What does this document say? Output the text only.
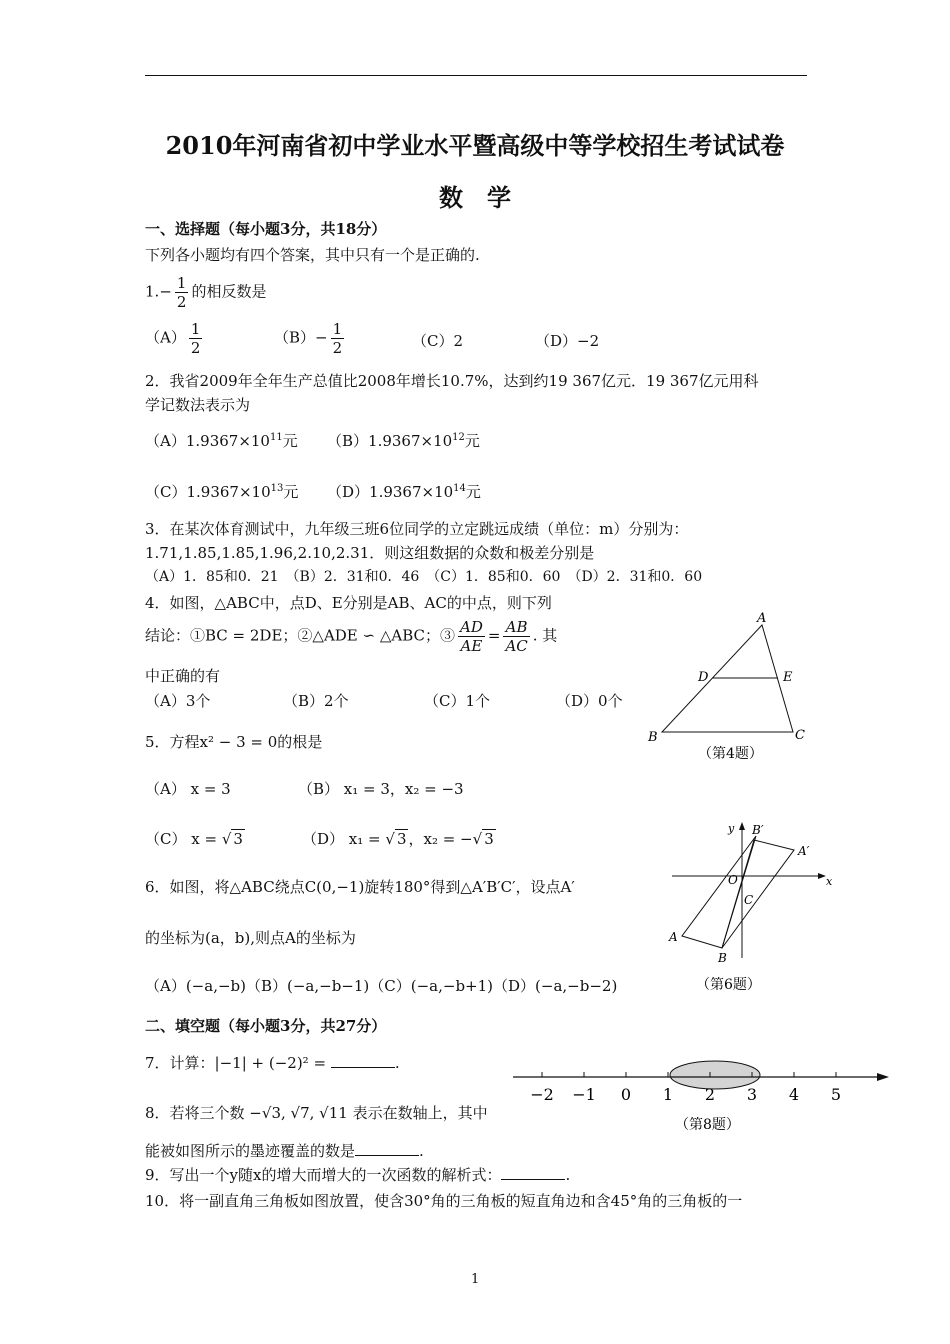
2010年河南省初中学业水平暨高级中等学校招生考试试卷
数　学
一、选择题（每小题3分，共18分）
下列各小题均有四个答案，其中只有一个是正确的.
$1.- \frac{1}{2}$ 的相反数是
$(A) \frac{1}{2}$	$(B)- \frac{1}{2}$	（C）2	（D）−2
2．我省2009年全年生产总值比2008年增长10.7%，达到约19 367亿元．19 367亿元用科
学记数法表示为
$(A)1.9367\times 10^{11}$元 $(B)1.9367\times 10^{12}$元
$(C)1.9367\times 10^{13}$元 $(D)1.9367\times 10^{14}$元
3．在某次体育测试中，九年级三班6位同学的立定跳远成绩（单位：m）分别为：
1.71,1.85,1.85,1.96,2.10,2.31．则这组数据的众数和极差分别是
（A）1．85和0．21　（B）2．31和0．46　（C）1．85和0．60　（D）2．31和0．60
4．如图，△ABC中，点D、E分别是AB、AC的中点，则下列
结论：①BC = 2DE；②△ADE ∽ △ABC；③ $\frac{AD}{AE} = \frac{AB}{AC}$ . 其
中正确的有
（A）3个	（B）2个	（C）1个	（D）0个
A
B	C
D	E
（第4题）
5．方程x² − 3 = 0的根是
（A） x = 3	（B） x₁ = 3，x₂ = −3
（C） x = √ 3	（D） x₁ = √ 3 ，x₂ = −√ 3
6．如图，将△ABC绕点C(0,−1)旋转180°得到△A′B′C′，设点A′
的坐标为(a，b),则点A的坐标为
（A）(−a,−b)（B）(−a,−b−1)（C）(−a,−b+1)（D）(−a,−b−2)
y
x
O
C
A
B
A′
B′
（第6题）
二、填空题（每小题3分，共27分）
7．计算：|−1| + (−2)² =	.
−2 −1 0 1 2 3 4 5
（第8题）
8．若将三个数 −√3, √7, √11 表示在数轴上，其中
能被如图所示的墨迹覆盖的数是	.
9．写出一个y随x的增大而增大的一次函数的解析式：	.
10．将一副直角三角板如图放置，使含30°角的三角板的短直角边和含45°角的三角板的一
1
